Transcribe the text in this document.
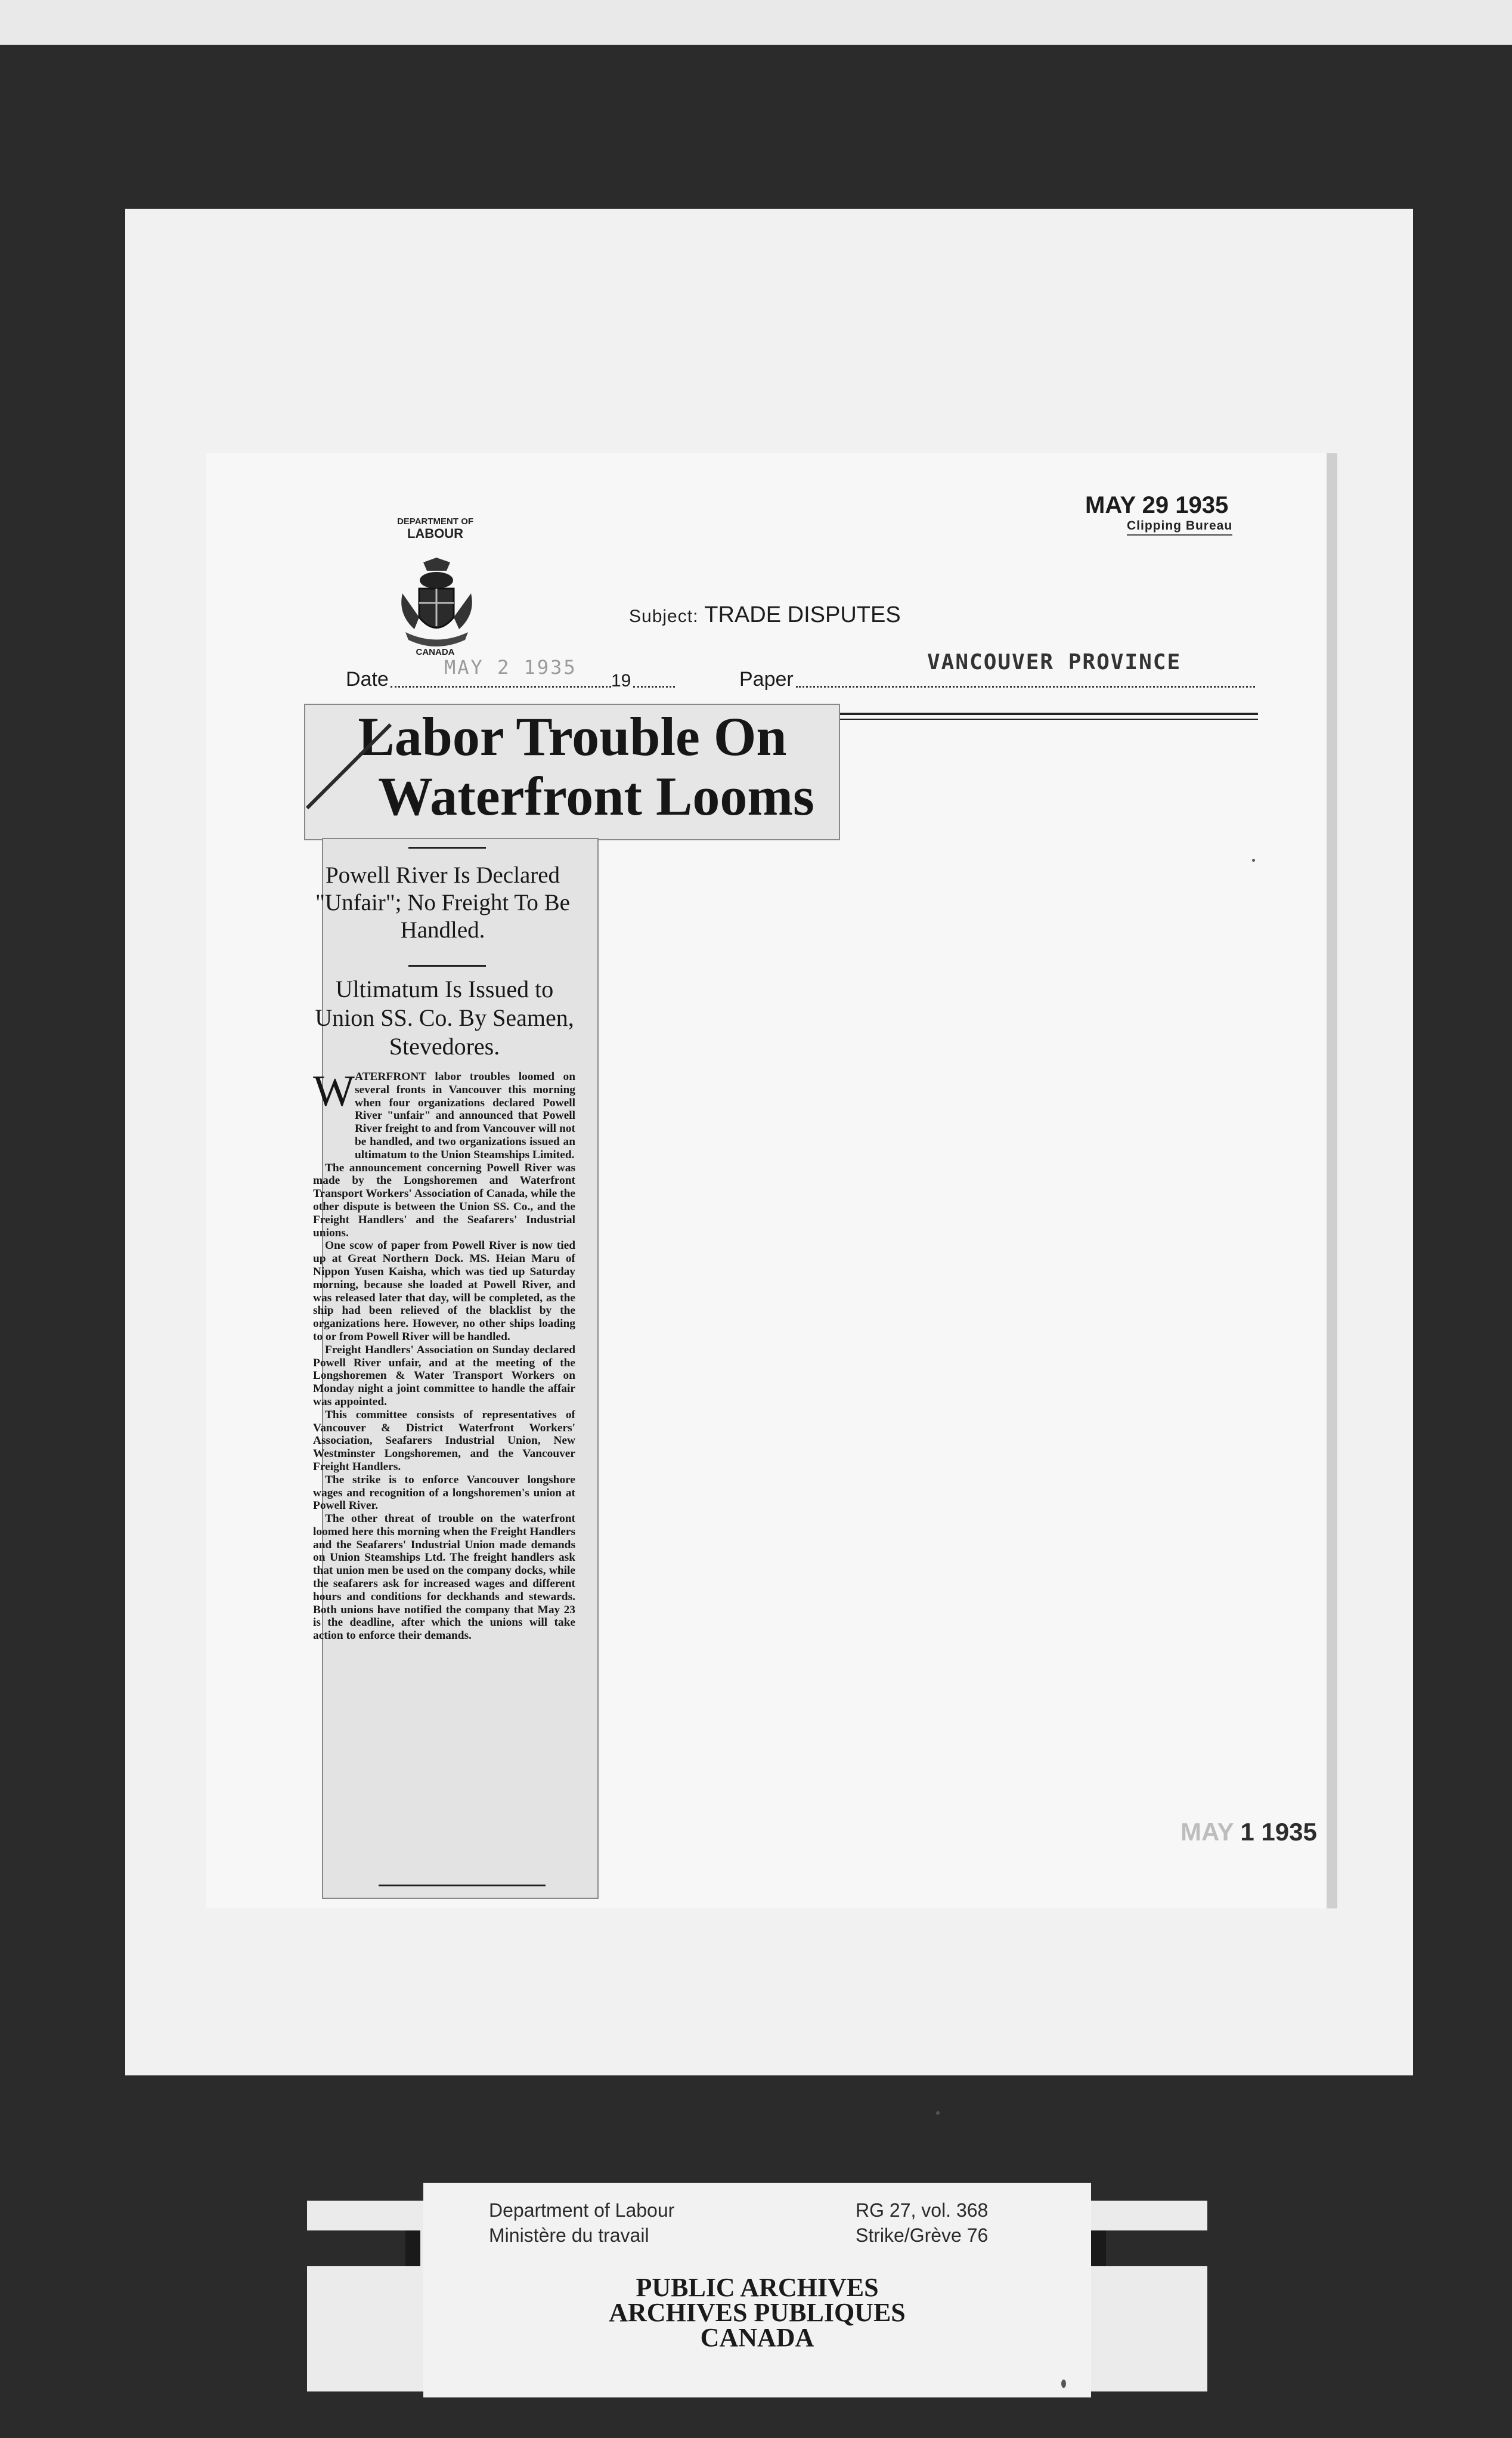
DEPARTMENT OF
LABOUR
CANADA
Subject: TRADE DISPUTES
MAY 29 1935
Clipping Bureau
Date
MAY 2 1935
19	Paper
VANCOUVER PROVINCE
Labor Trouble On
Waterfront Looms
Powell River Is Declared "Unfair"; No Freight To Be Handled.
Ultimatum Is Issued to Union SS. Co. By Seamen, Stevedores.

ATERFRONT labor troubles loomed on several fronts in Vancouver this morning when four organizations declared Powell River "unfair" and announced that Powell River freight to and from Vancouver will not be handled, and two organizations issued an ultimatum to the Union Steamships Limited.

The announcement concerning Powell River was made by the Longshoremen and Waterfront Transport Workers' Association of Canada, while the other dispute is between the Union SS. Co., and the Freight Handlers' and the Seafarers' Industrial unions.

One scow of paper from Powell River is now tied up at Great Northern Dock. MS. Heian Maru of Nippon Yusen Kaisha, which was tied up Saturday morning, because she loaded at Powell River, and was released later that day, will be completed, as the ship had been relieved of the blacklist by the organizations here. However, no other ships loading to or from Powell River will be handled.

Freight Handlers' Association on Sunday declared Powell River unfair, and at the meeting of the Longshoremen & Water Transport Workers on Monday night a joint committee to handle the affair was appointed.

This committee consists of representatives of Vancouver & District Waterfront Workers' Association, Seafarers Industrial Union, New Westminster Longshoremen, and the Vancouver Freight Handlers.

The strike is to enforce Vancouver longshore wages and recognition of a longshoremen's union at Powell River.

The other threat of trouble on the waterfront loomed here this morning when the Freight Handlers and the Seafarers' Industrial Union made demands on Union Steamships Ltd. The freight handlers ask that union men be used on the company docks, while the seafarers ask for increased wages and different hours and conditions for deckhands and stewards. Both unions have notified the company that May 23 is the deadline, after which the unions will take action to enforce their demands.

W
MAY 1 1935
Department of Labour
Ministère du travail
RG 27, vol. 368
Strike/Grève 76
PUBLIC ARCHIVES
ARCHIVES PUBLIQUES
CANADA
